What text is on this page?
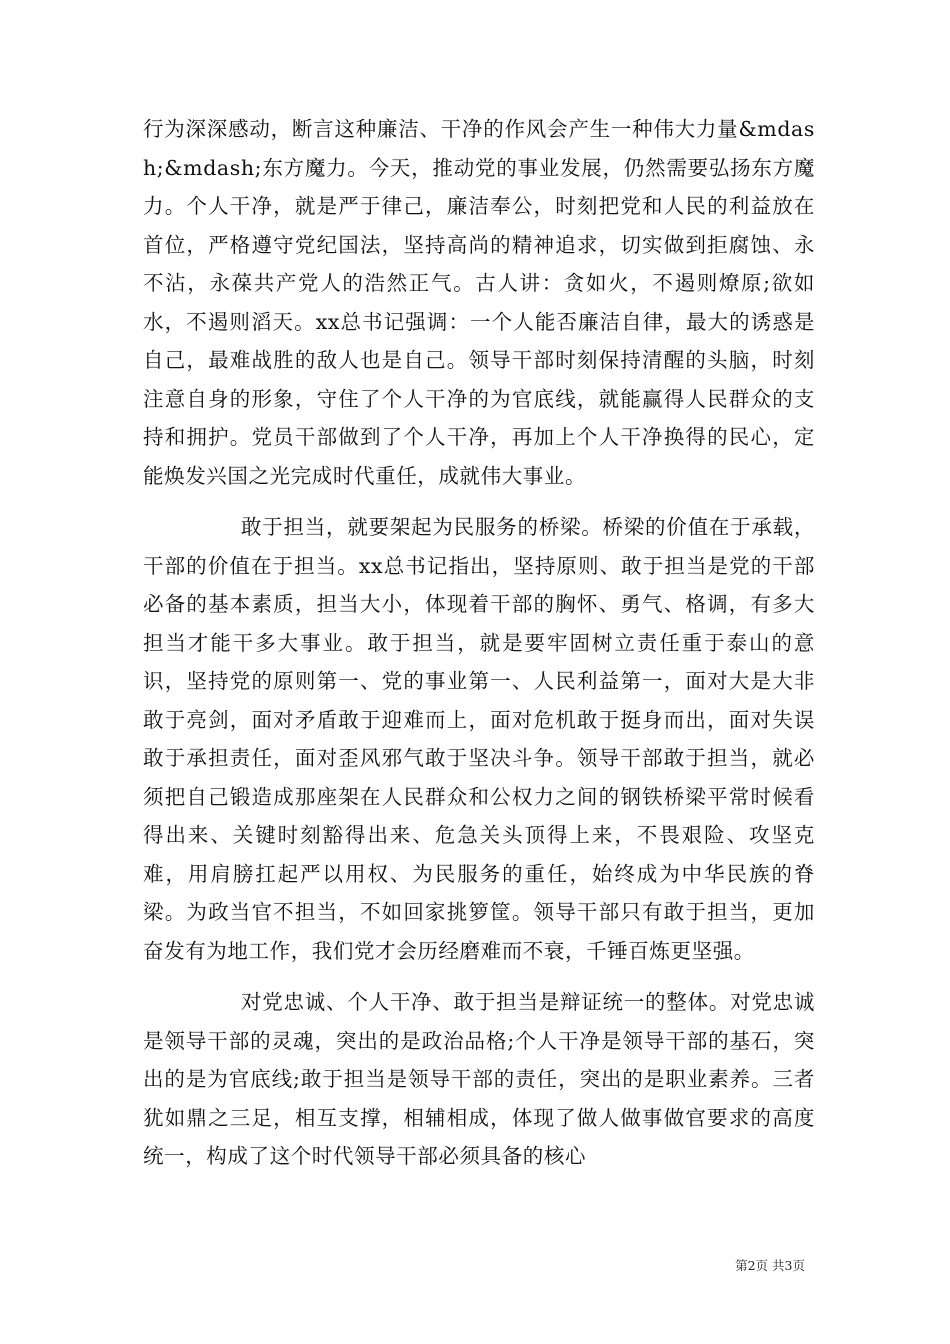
行为深深感动，断言这种廉洁、干净的作风会产生一种伟大力量&mdash;&mdash;东方魔力。今天，推动党的事业发展，仍然需要弘扬东方魔力。个人干净，就是严于律己，廉洁奉公，时刻把党和人民的利益放在首位，严格遵守党纪国法，坚持高尚的精神追求，切实做到拒腐蚀、永不沾，永葆共产党人的浩然正气。古人讲：贪如火，不遏则燎原;欲如水，不遏则滔天。xx总书记强调：一个人能否廉洁自律，最大的诱惑是自己，最难战胜的敌人也是自己。领导干部时刻保持清醒的头脑，时刻注意自身的形象，守住了个人干净的为官底线，就能赢得人民群众的支持和拥护。党员干部做到了个人干净，再加上个人干净换得的民心，定能焕发兴国之光完成时代重任，成就伟大事业。

敢于担当，就要架起为民服务的桥梁。桥梁的价值在于承载，干部的价值在于担当。xx总书记指出，坚持原则、敢于担当是党的干部必备的基本素质，担当大小，体现着干部的胸怀、勇气、格调，有多大担当才能干多大事业。敢于担当，就是要牢固树立责任重于泰山的意识，坚持党的原则第一、党的事业第一、人民利益第一，面对大是大非敢于亮剑，面对矛盾敢于迎难而上，面对危机敢于挺身而出，面对失误敢于承担责任，面对歪风邪气敢于坚决斗争。领导干部敢于担当，就必须把自己锻造成那座架在人民群众和公权力之间的钢铁桥梁平常时候看得出来、关键时刻豁得出来、危急关头顶得上来，不畏艰险、攻坚克难，用肩膀扛起严以用权、为民服务的重任，始终成为中华民族的脊梁。为政当官不担当，不如回家挑箩筐。领导干部只有敢于担当，更加奋发有为地工作，我们党才会历经磨难而不衰，千锤百炼更坚强。

对党忠诚、个人干净、敢于担当是辩证统一的整体。对党忠诚是领导干部的灵魂，突出的是政治品格;个人干净是领导干部的基石，突出的是为官底线;敢于担当是领导干部的责任，突出的是职业素养。三者犹如鼎之三足，相互支撑，相辅相成，体现了做人做事做官要求的高度统一，构成了这个时代领导干部必须具备的核心

第2页 共3页
